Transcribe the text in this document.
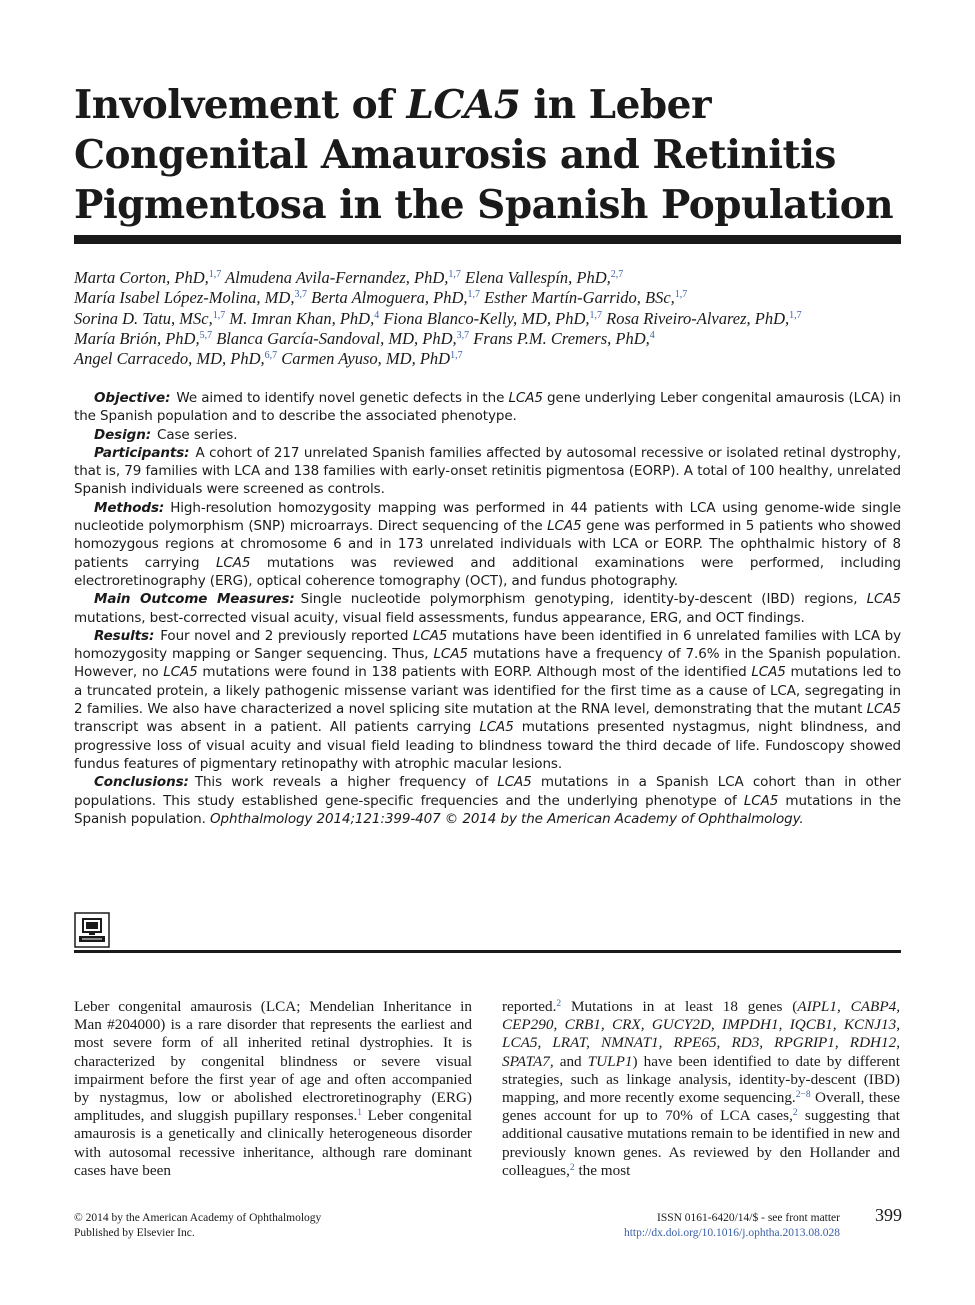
Involvement of LCA5 in Leber Congenital Amaurosis and Retinitis Pigmentosa in the Spanish Population
Marta Corton, PhD,$^{1,7}$ Almudena Avila-Fernandez, PhD,$^{1,7}$ Elena Vallespín, PhD,$^{2,7}$
María Isabel López-Molina, MD,$^{3,7}$ Berta Almoguera, PhD,$^{1,7}$ Esther Martín-Garrido, BSc,$^{1,7}$
Sorina D. Tatu, MSc,$^{1,7}$ M. Imran Khan, PhD,$^4$ Fiona Blanco-Kelly, MD, PhD,$^{1,7}$ Rosa Riveiro-Alvarez, PhD,$^{1,7}$
María Brión, PhD,$^{5,7}$ Blanca García-Sandoval, MD, PhD,$^{3,7}$ Frans P.M. Cremers, PhD,$^4$
Angel Carracedo, MD, PhD,$^{6,7}$ Carmen Ayuso, MD, PhD$^{1,7}$

Objective: We aimed to identify novel genetic defects in the LCA5 gene underlying Leber congenital amaurosis (LCA) in the Spanish population and to describe the associated phenotype.

Design: Case series.

Participants: A cohort of 217 unrelated Spanish families affected by autosomal recessive or isolated retinal dystrophy, that is, 79 families with LCA and 138 families with early-onset retinitis pigmentosa (EORP). A total of 100 healthy, unrelated Spanish individuals were screened as controls.

Methods: High-resolution homozygosity mapping was performed in 44 patients with LCA using genome-wide single nucleotide polymorphism (SNP) microarrays. Direct sequencing of the LCA5 gene was performed in 5 patients who showed homozygous regions at chromosome 6 and in 173 unrelated individuals with LCA or EORP. The ophthalmic history of 8 patients carrying LCA5 mutations was reviewed and additional examinations were performed, including electroretinography (ERG), optical coherence tomography (OCT), and fundus photography.

Main Outcome Measures: Single nucleotide polymorphism genotyping, identity-by-descent (IBD) regions, LCA5 mutations, best-corrected visual acuity, visual field assessments, fundus appearance, ERG, and OCT findings.

Results: Four novel and 2 previously reported LCA5 mutations have been identified in 6 unrelated families with LCA by homozygosity mapping or Sanger sequencing. Thus, LCA5 mutations have a frequency of 7.6% in the Spanish population. However, no LCA5 mutations were found in 138 patients with EORP. Although most of the identified LCA5 mutations led to a truncated protein, a likely pathogenic missense variant was identified for the first time as a cause of LCA, segregating in 2 families. We also have characterized a novel splicing site mutation at the RNA level, demonstrating that the mutant LCA5 transcript was absent in a patient. All patients carrying LCA5 mutations presented nystagmus, night blindness, and progressive loss of visual acuity and visual field leading to blindness toward the third decade of life. Fundoscopy showed fundus features of pigmentary retinopathy with atrophic macular lesions.

Conclusions: This work reveals a higher frequency of LCA5 mutations in a Spanish LCA cohort than in other populations. This study established gene-specific frequencies and the underlying phenotype of LCA5 mutations in the Spanish population. Ophthalmology 2014;121:399-407 © 2014 by the American Academy of Ophthalmology.

Leber congenital amaurosis (LCA; Mendelian Inheritance in Man #204000) is a rare disorder that represents the earliest and most severe form of all inherited retinal dystrophies. It is characterized by congenital blindness or severe visual impairment before the first year of age and often accompanied by nystagmus, low or abolished electroretinography (ERG) amplitudes, and sluggish pupillary responses.$^1$ Leber congenital amaurosis is a genetically and clinically heterogeneous disorder with autosomal recessive inheritance, although rare dominant cases have been
reported.$^2$ Mutations in at least 18 genes (AIPL1, CABP4, CEP290, CRB1, CRX, GUCY2D, IMPDH1, IQCB1, KCNJ13, LCA5, LRAT, NMNAT1, RPE65, RD3, RPGRIP1, RDH12, SPATA7, and TULP1) have been identified to date by different strategies, such as linkage analysis, identity-by-descent (IBD) mapping, and more recently exome sequencing.$^{2-8}$ Overall, these genes account for up to 70% of LCA cases,$^2$ suggesting that additional causative mutations remain to be identified in new and previously known genes. As reviewed by den Hollander and colleagues,$^2$ the most
© 2014 by the American Academy of Ophthalmology
Published by Elsevier Inc.
ISSN 0161-6420/14/$ - see front matter
http://dx.doi.org/10.1016/j.ophtha.2013.08.028
399
